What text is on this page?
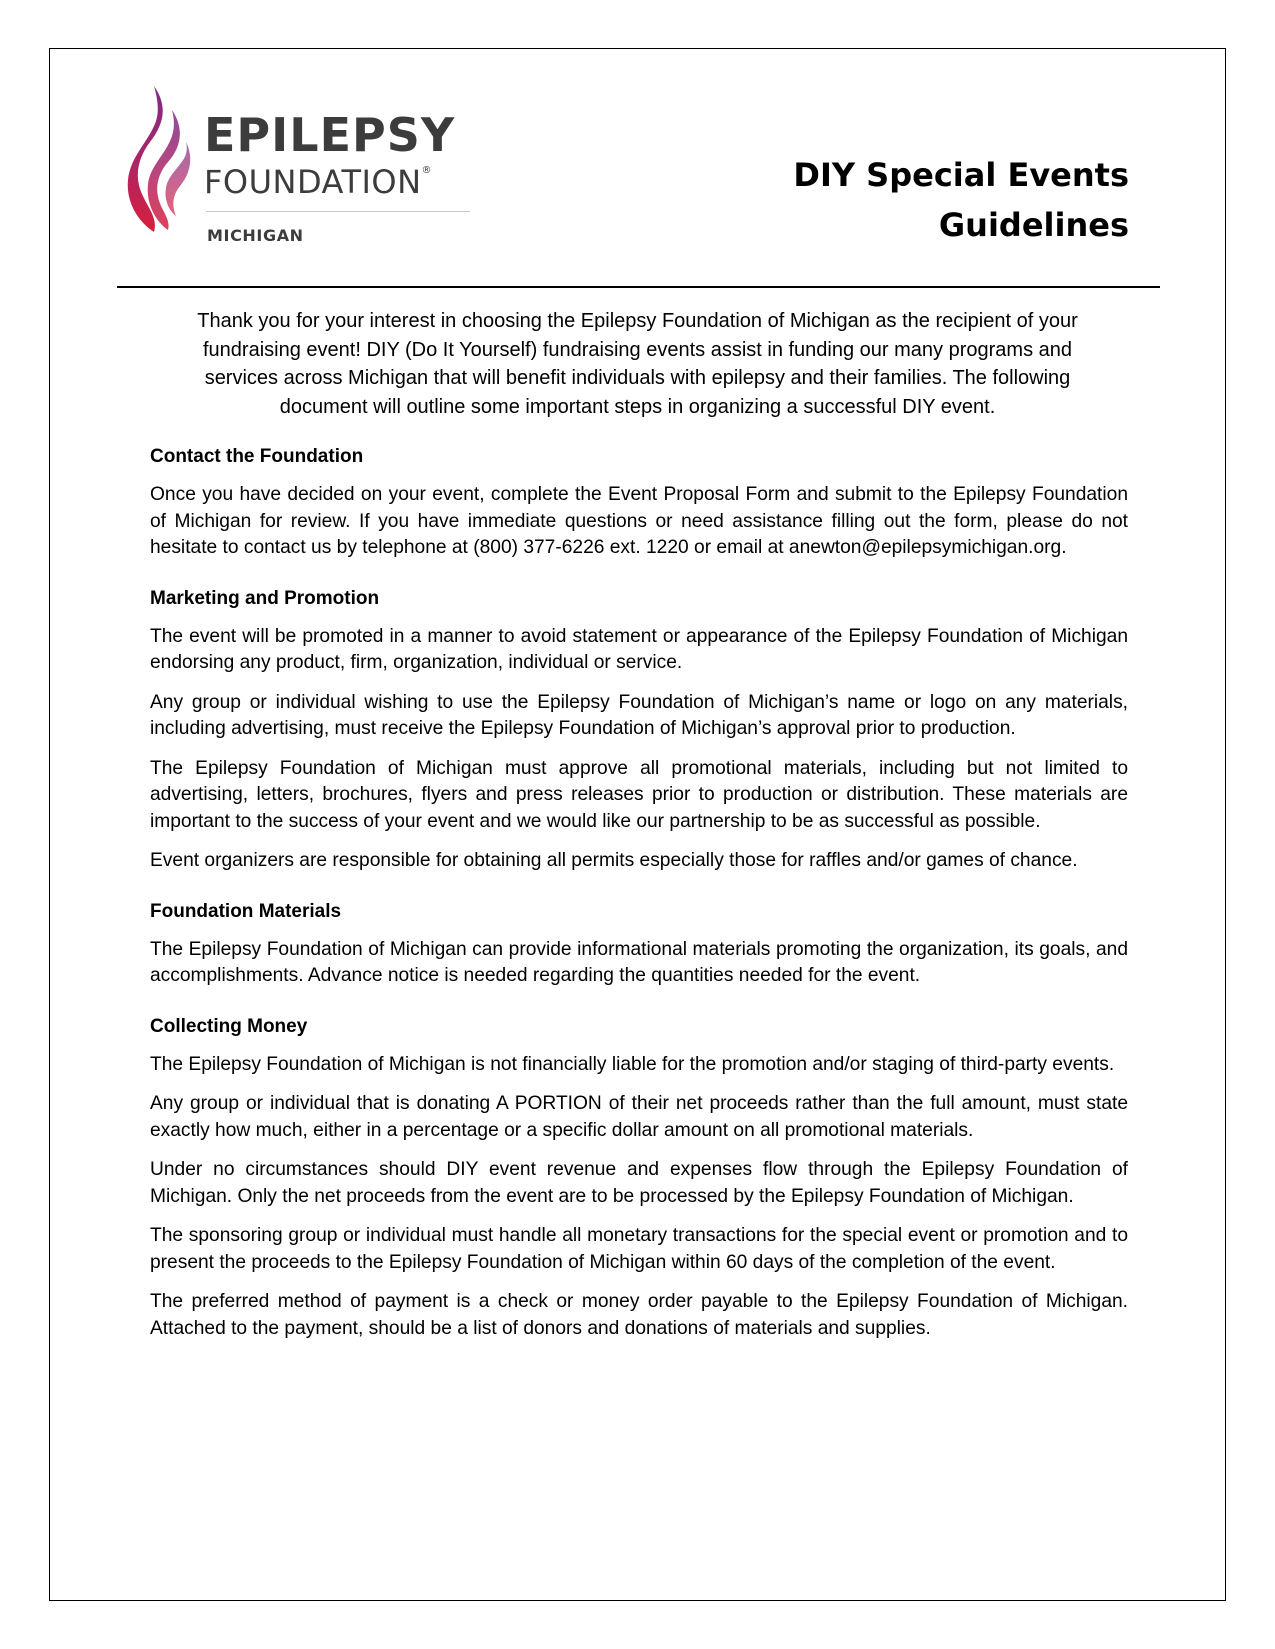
EPILEPSY
FOUNDATION®
MICHIGAN
DIY Special Events
Guidelines

Thank you for your interest in choosing the Epilepsy Foundation of Michigan as the recipient of your fundraising event! DIY (Do It Yourself) fundraising events assist in funding our many programs and services across Michigan that will benefit individuals with epilepsy and their families. The following document will outline some important steps in organizing a successful DIY event.

Contact the Foundation

Once you have decided on your event, complete the Event Proposal Form and submit to the Epilepsy Foundation of Michigan for review. If you have immediate questions or need assistance filling out the form, please do not hesitate to contact us by telephone at (800) 377-6226 ext. 1220 or email at anewton@epilepsymichigan.org.

Marketing and Promotion

The event will be promoted in a manner to avoid statement or appearance of the Epilepsy Foundation of Michigan endorsing any product, firm, organization, individual or service.

Any group or individual wishing to use the Epilepsy Foundation of Michigan’s name or logo on any materials, including advertising, must receive the Epilepsy Foundation of Michigan’s approval prior to production.

The Epilepsy Foundation of Michigan must approve all promotional materials, including but not limited to advertising, letters, brochures, flyers and press releases prior to production or distribution. These materials are important to the success of your event and we would like our partnership to be as successful as possible.

Event organizers are responsible for obtaining all permits especially those for raffles and/or games of chance.

Foundation Materials

The Epilepsy Foundation of Michigan can provide informational materials promoting the organization, its goals, and accomplishments. Advance notice is needed regarding the quantities needed for the event.

Collecting Money

The Epilepsy Foundation of Michigan is not financially liable for the promotion and/or staging of third-party events.

Any group or individual that is donating A PORTION of their net proceeds rather than the full amount, must state exactly how much, either in a percentage or a specific dollar amount on all promotional materials.

Under no circumstances should DIY event revenue and expenses flow through the Epilepsy Foundation of Michigan. Only the net proceeds from the event are to be processed by the Epilepsy Foundation of Michigan.

The sponsoring group or individual must handle all monetary transactions for the special event or promotion and to present the proceeds to the Epilepsy Foundation of Michigan within 60 days of the completion of the event.

The preferred method of payment is a check or money order payable to the Epilepsy Foundation of Michigan. Attached to the payment, should be a list of donors and donations of materials and supplies.
